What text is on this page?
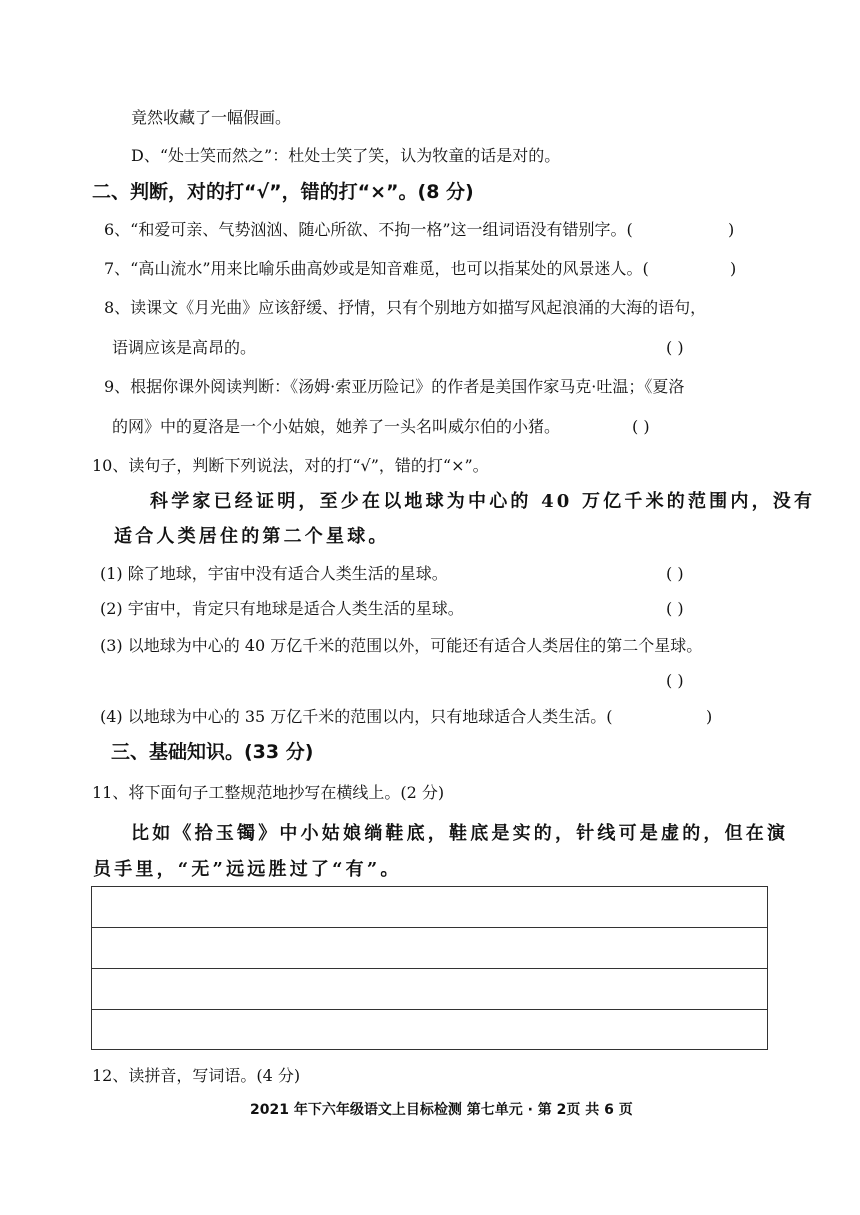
竟然收藏了一幅假画。
D、“处士笑而然之”：杜处士笑了笑，认为牧童的话是对的。
二、判断，对的打“√”，错的打“×”。(8 分)
6、“和爱可亲、气势汹汹、随心所欲、不拘一格”这一组词语没有错别字。(	)
7、“高山流水”用来比喻乐曲高妙或是知音难觅，也可以指某处的风景迷人。(	)
8、读课文《月光曲》应该舒缓、抒情，只有个别地方如描写风起浪涌的大海的语句，
语调应该是高昂的。	( )
9、根据你课外阅读判断：《汤姆·索亚历险记》的作者是美国作家马克·吐温；《夏洛
的网》中的夏洛是一个小姑娘，她养了一头名叫威尔伯的小猪。	( )
10、读句子，判断下列说法，对的打“√”，错的打“×”。
科学家已经证明，至少在以地球为中心的 40 万亿千米的范围内，没有
适合人类居住的第二个星球。
(1) 除了地球，宇宙中没有适合人类生活的星球。	( )
(2) 宇宙中，肯定只有地球是适合人类生活的星球。	( )
(3) 以地球为中心的 40 万亿千米的范围以外，可能还有适合人类居住的第二个星球。
( )
(4) 以地球为中心的 35 万亿千米的范围以内，只有地球适合人类生活。(	)
三、基础知识。(33 分)
11、将下面句子工整规范地抄写在横线上。(2 分)
比如《拾玉镯》中小姑娘绱鞋底，鞋底是实的，针线可是虚的，但在演
员手里，“无”远远胜过了“有”。
12、读拼音，写词语。(4 分)
2021 年下六年级语文上目标检测 第七单元 · 第 2页 共 6 页
